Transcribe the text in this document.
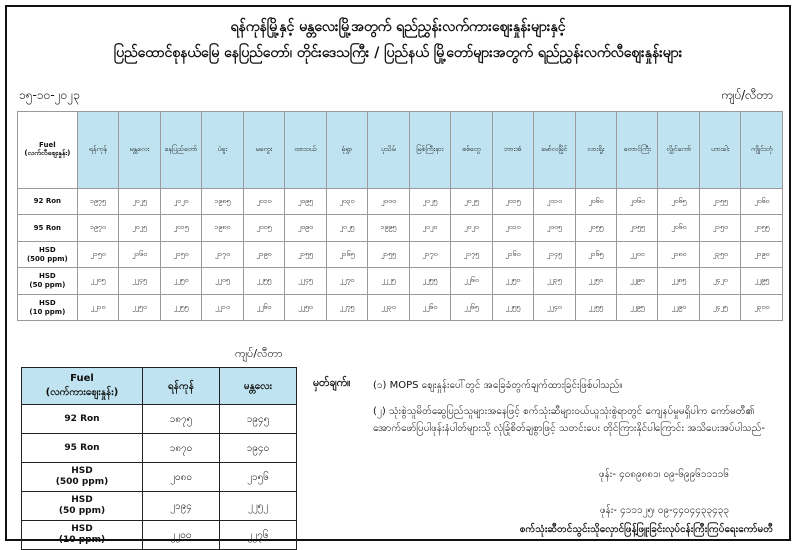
ရန်ကုန်မြို့နှင့် မန္တလေးမြို့အတွက် ရည်ညွှန်းလက်ကားဈေးနှုန်းများနှင့်
ပြည်ထောင်စုနယ်မြေ နေပြည်တော်၊ တိုင်းဒေသကြီး / ပြည်နယ် မြို့တော်များအတွက် ရည်ညွှန်းလက်လီဈေးနှုန်းများ
၁၅-၁၀-၂၀၂၃	ကျပ်/လီတာ
Fuel
(လက်လီဈေးနှုန်း)	ရန်ကုန်	မန္တလေး	နေပြည်တော်	ပဲခူး	မကွေး	ထားဝယ်	မုံရွာ	ပုသိမ်	မြစ်ကြီးနား	စစ်တွေ	ဘားအံ	မော်လမြိုင်	လားရှိုး	တောင်ကြီး	လွိုင်ကော်	ဟားခါး	ကျိုင်းတုံ
92 Ron	၁၉၇၅	၂၀၂၅	၂၀၂၀	၁၉၈၅	၂၀၁၀	၂၀၉၅	၂၀၃၀	၂၀၀၀	၂၀၂၅	၂၀၂၅	၂၀၁၅	၂၀၁၀	၂၀၆၀	၂၀၆၀	၂၀၆၅	၂၁၅၅	၂၀၆၀
95 Ron	၁၉၇၀	၂၀၂၅	၂၀၁၅	၁၉၈၀	၂၀၀၅	၂၀၉၀	၂၀၂၅	၁၉၉၅	၂၀၂၀	၂၀၂၀	၂၀၁၀	၂၀၀၅	၂၀၅၅	၂၀၅၅	၂၀၆၀	၂၁၅၀	၂၀၅၅
HSD
(500 ppm)	၂၁၅၀	၂၁၆၀	၂၁၅၀	၂၁၇၀	၂၁၉၀	၂၁၅၅	၂၁၆၅	၂၁၅၅	၂၁၇၀	၂၁၇၅	၂၁၆၀	၂၁၄၅	၂၁၆၅	၂၂၀၀	၂၁၈၀	၂၃၅၀	၂၁၉၀
HSD
(50 ppm)	၂၂၀၅	၂၂၄၅	၂၂၅၀	၂၂၀၅	၂၂၅၅	၂၂၄၅	၂၂၇၀	၂၂၂၅	၂၂၅၅	၂၂၆၀	၂၂၅၀	၂၂၃၅	၂၂၅၀	၂၂၉၀	၂၂၈၅	၂၄၂၀	၂၂၉၅
HSD
(10 ppm)	၂၂၁၀	၂၂၅၀	၂၂၅၅	၂၂၁၀	၂၂၆၀	၂၂၅၀	၂၂၇၅	၂၂၃၀	၂၂၆၀	၂၂၆၅	၂၂၅၅	၂၂၄၀	၂၂၅၅	၂၂၉၅	၂၂၉၀	၂၄၂၅	၂၃၀၀
ကျပ်/လီတာ
Fuel
(လက်ကားဈေးနှုန်း)	ရန်ကုန်	မန္တလေး
92 Ron	၁၈၇၅	၁၉၄၅
95 Ron	၁၈၇၀	၁၉၄၀
HSD
(500 ppm)	၂၀၈၀	၂၁၅၆
HSD
(50 ppm)	၂၁၉၄	၂၂၅၂
HSD
(10 ppm)	၂၂၀၀	၂၂၇၆
မှတ်ချက်။ (၁) MOPS ဈေးနှုန်းပေါ်တွင် အခြေခံတွက်ချက်ထားခြင်းဖြစ်ပါသည်။
(၂) သုံးစွဲသူမိတ်ဆွေပြည်သူများအနေဖြင့် စက်သုံးဆီများဝယ်ယူသုံးစွဲရာတွင် ကျေနပ်မှုမရှိပါက ကော်မတီ၏ အောက်ဖော်ပြပါဖုန်းနံပါတ်များသို့ လုံခြုံစိတ်ချစွာဖြင့် သတင်းပေး တိုင်ကြားနိုင်ပါကြောင်း အသိပေးအပ်ပါသည်-
ဖုန်း- ၄၀၈၉၈၈၁၊ ၀၉-၆၉၉၆၁၁၁၁၆
ဖုန်း- ၄၁၁၁၂၅၊ ၀၉-၄၄၀၄၄၃၃၄၃၃
စက်သုံးဆီတင်သွင်းသိုလှောင်ဖြန့်ဖြူးခြင်းလုပ်ငန်းကြီးကြပ်ရေးကော်မတီ
